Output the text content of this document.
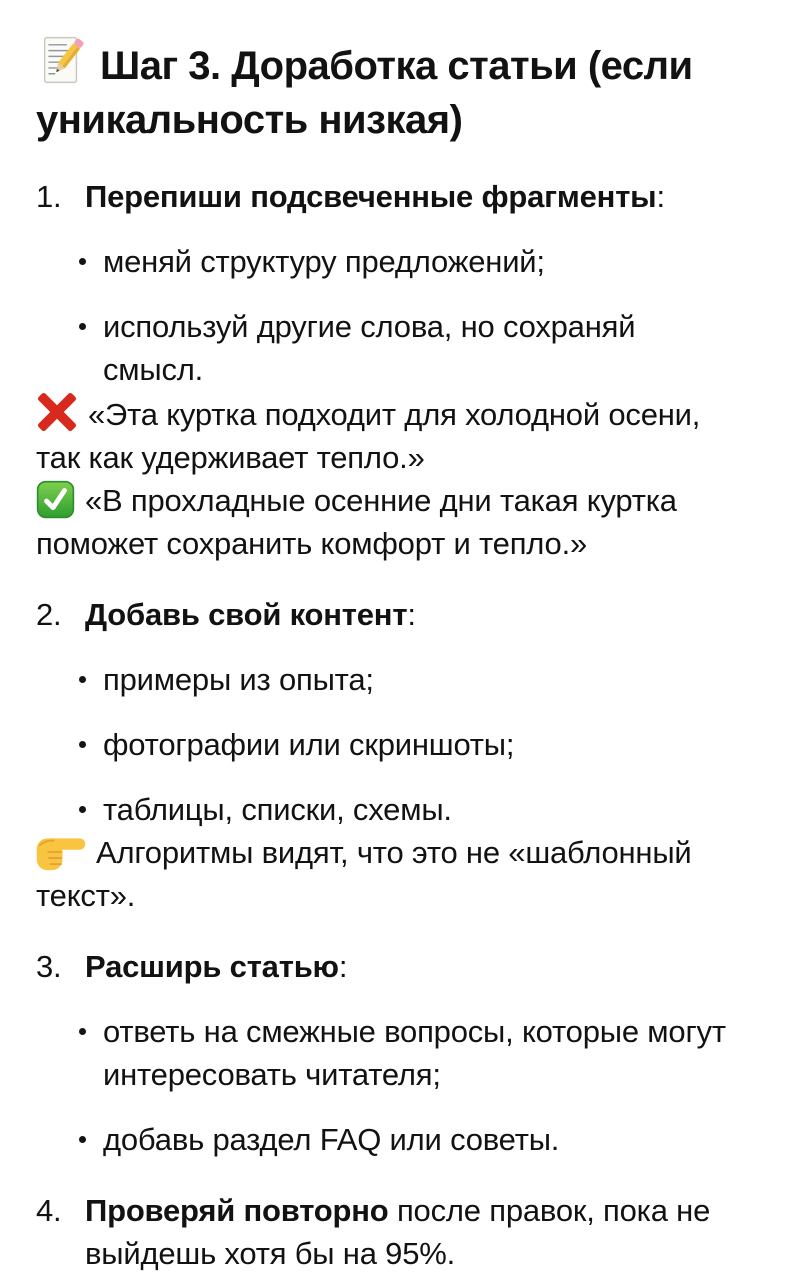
Шаг 3. Доработка статьи (если
уникальность низкая)
1. Перепиши подсвеченные фрагменты:
меняй структуру предложений;
используй другие слова, но сохраняй
смысл.

«Эта куртка подходит для холодной осени,
так как удерживает тепло.»

«В прохладные осенние дни такая куртка
поможет сохранить комфорт и тепло.»

2. Добавь свой контент:
примеры из опыта;
фотографии или скриншоты;
таблицы, списки, схемы.

Алгоритмы видят, что это не «шаблонный
текст».

3. Расширь статью:
ответь на смежные вопросы, которые могут
интересовать читателя;
добавь раздел FAQ или советы.
4. Проверяй повторно после правок, пока не
выйдешь хотя бы на 95%.
